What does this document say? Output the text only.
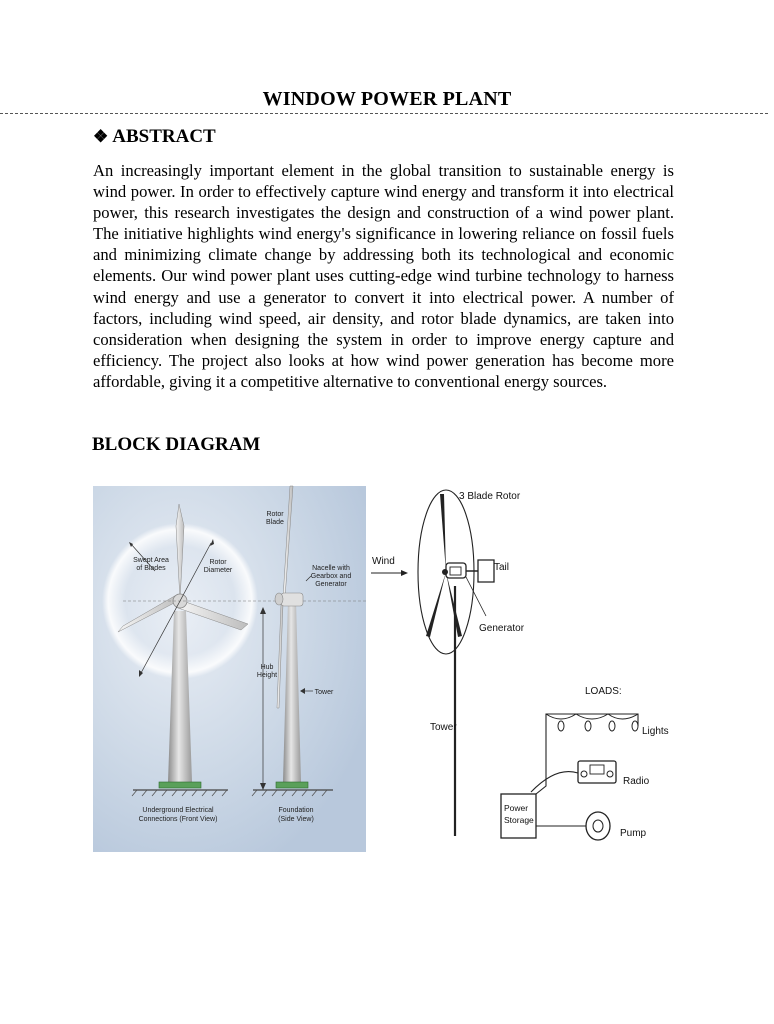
WINDOW POWER PLANT
❖ ABSTRACT

An increasingly important element in the global transition to sustainable energy is wind power. In order to effectively capture wind energy and transform it into electrical power, this research investigates the design and construction of a wind power plant. The initiative highlights wind energy's significance in lowering reliance on fossil fuels and minimizing climate change by addressing both its technological and economic elements. Our wind power plant uses cutting-edge wind turbine technology to harness wind energy and use a generator to convert it into electrical power. A number of factors, including wind speed, air density, and rotor blade dynamics, are taken into consideration when designing the system in order to improve energy capture and efficiency. The project also looks at how wind power generation has become more affordable, giving it a competitive alternative to conventional energy sources.

BLOCK DIAGRAM
Swept Area of Blades
Rotor Diameter
Rotor Blade
Nacelle with Gearbox and Generator
Hub Height
Tower
Underground Electrical Connections (Front View)
Foundation (Side View)
3 Blade Rotor
Wind
Tail
Generator
LOADS:
Tower	Lights
Radio
Power Storage
Pump
